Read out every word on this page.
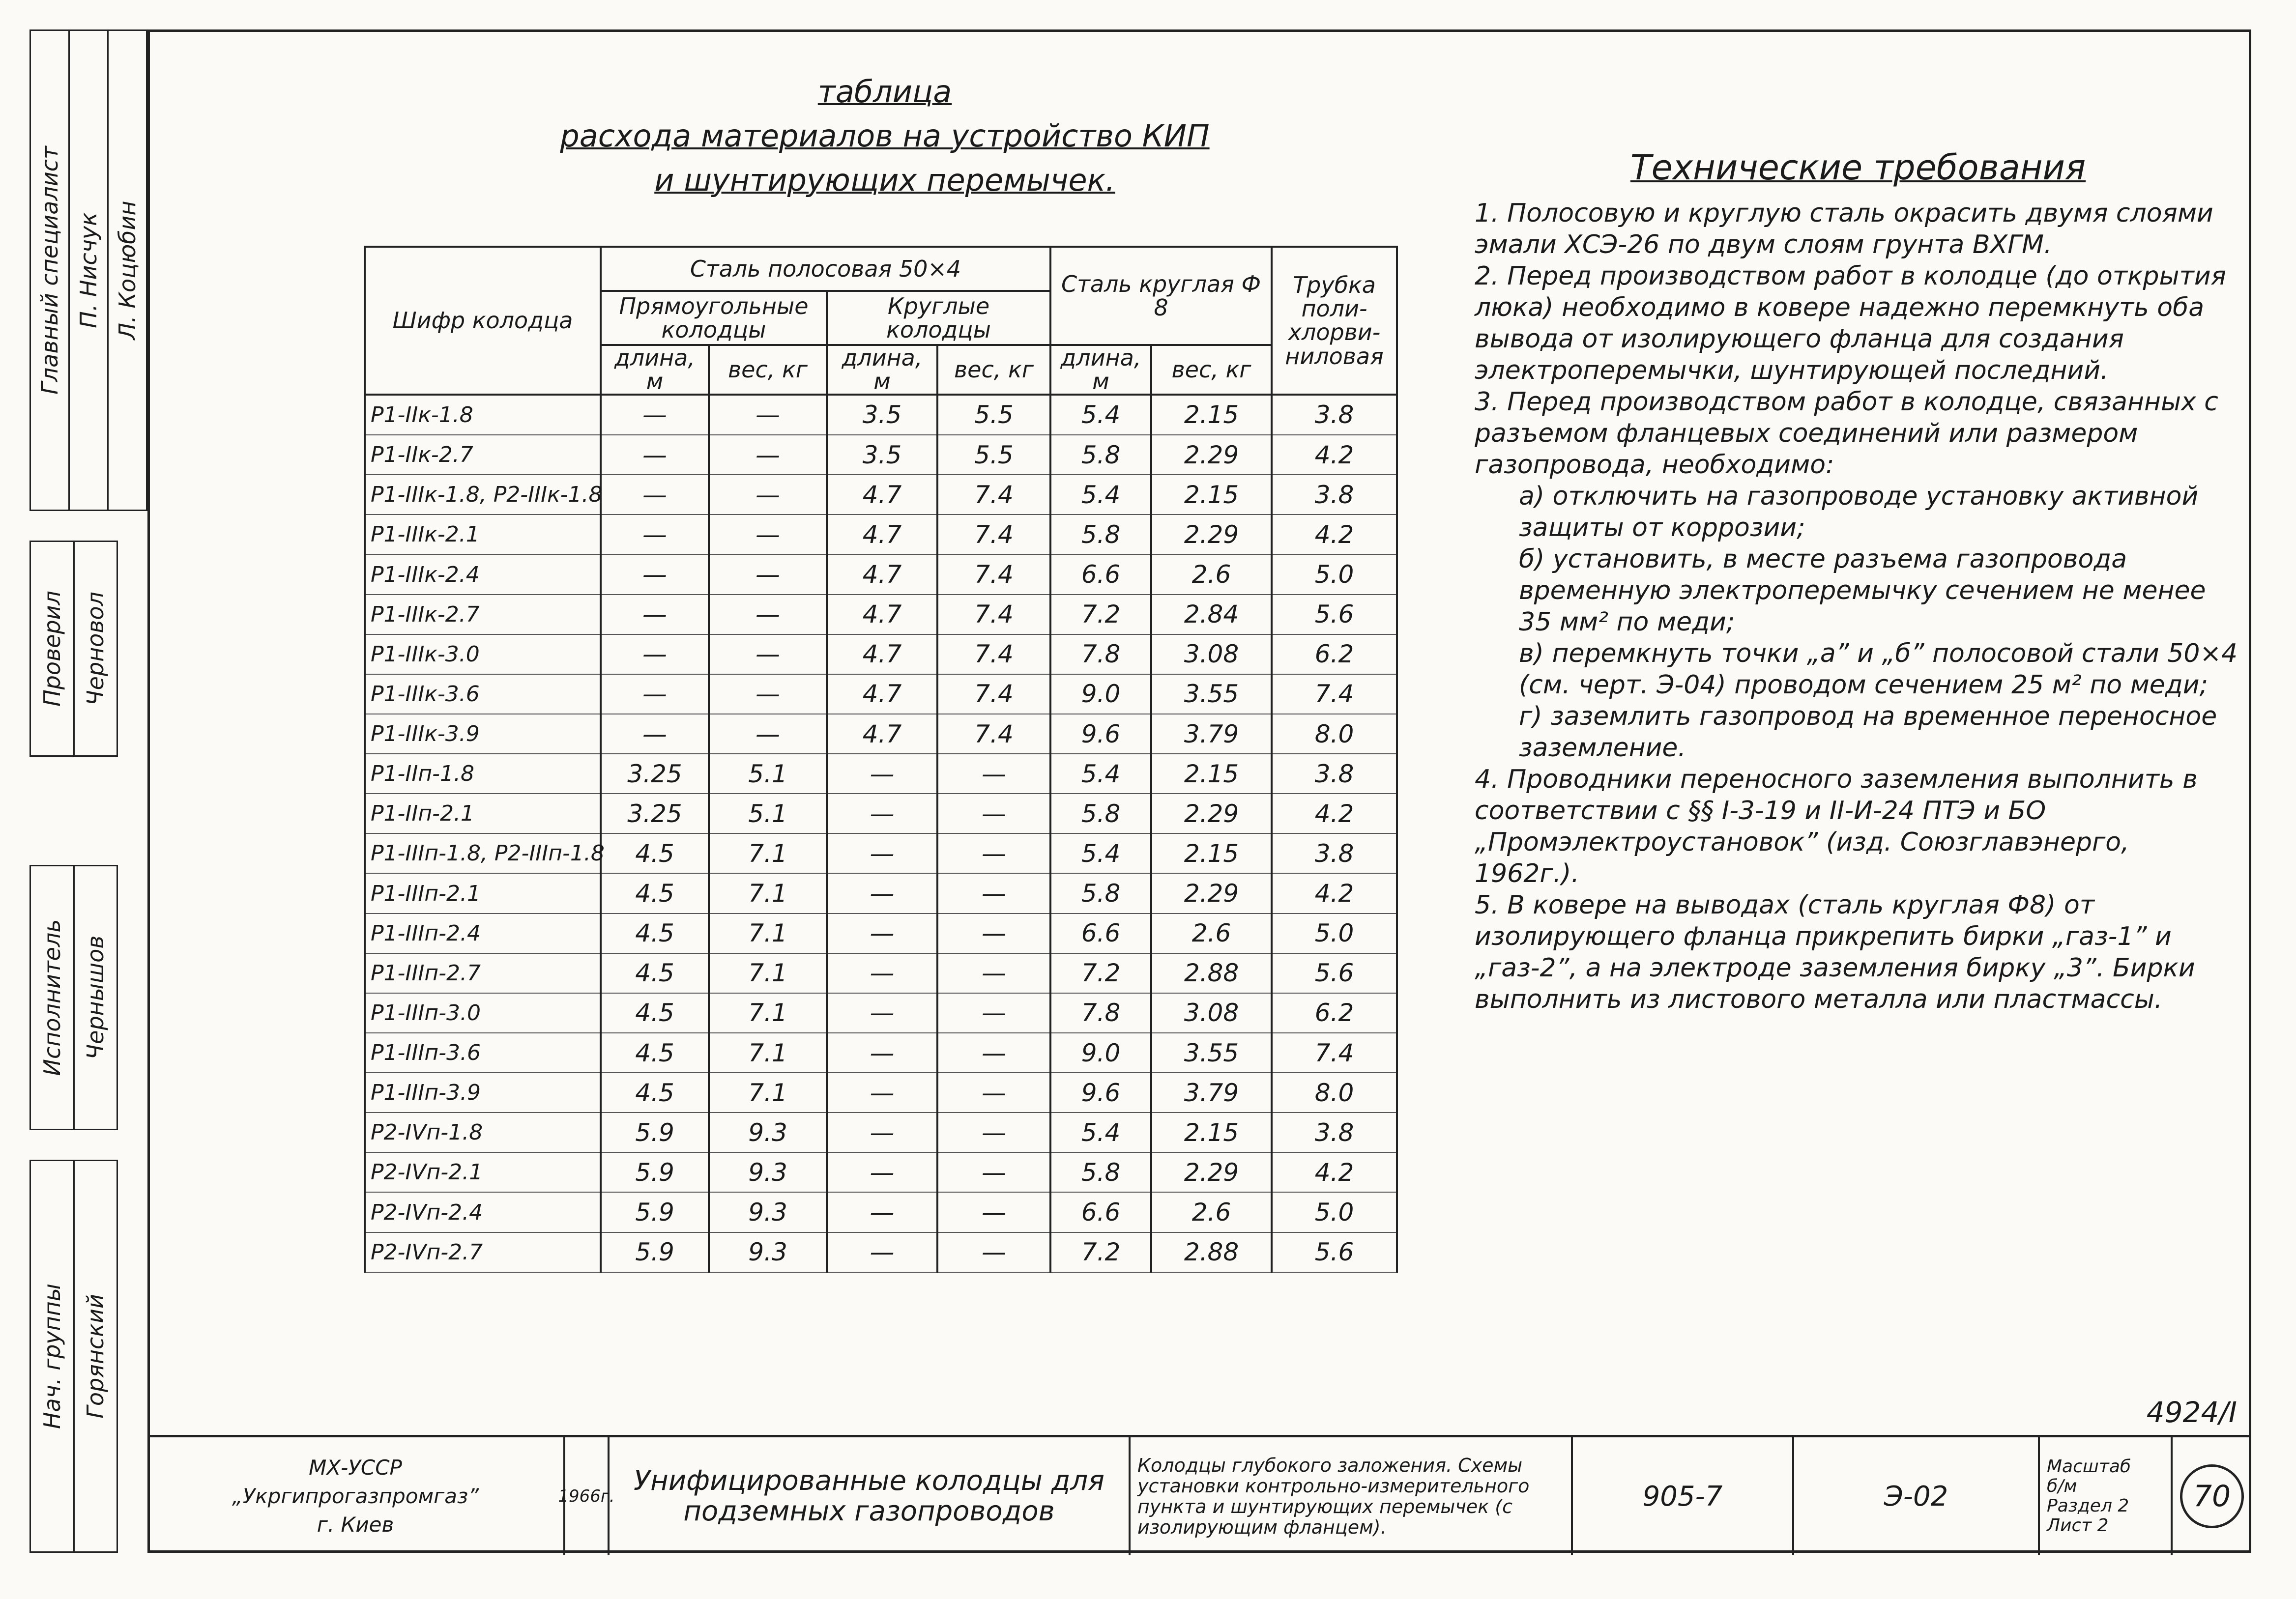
Главный специалист П. Нисчук Л. Коцюбин
Проверил Черновол
Исполнитель Чернышов
Нач. группы Горянский
таблица
расхода материалов на устройство КИП
и шунтирующих перемычек.
Шифр колодца	Сталь полосовая 50×4				Сталь круглая Ф 8		Трубка поли-хлорви-ниловая
	Прямоугольные колодцы		Круглые колодцы				
	длина, м	вес, кг	длина, м	вес, кг	длина, м	вес, кг	
Р1-IIк-1.8	—	—	3.5	5.5	5.4	2.15	3.8
Р1-IIк-2.7	—	—	3.5	5.5	5.8	2.29	4.2
Р1-IIIк-1.8, Р2-IIIк-1.8	—	—	4.7	7.4	5.4	2.15	3.8
Р1-IIIк-2.1	—	—	4.7	7.4	5.8	2.29	4.2
Р1-IIIк-2.4	—	—	4.7	7.4	6.6	2.6	5.0
Р1-IIIк-2.7	—	—	4.7	7.4	7.2	2.84	5.6
Р1-IIIк-3.0	—	—	4.7	7.4	7.8	3.08	6.2
Р1-IIIк-3.6	—	—	4.7	7.4	9.0	3.55	7.4
Р1-IIIк-3.9	—	—	4.7	7.4	9.6	3.79	8.0
Р1-IIп-1.8	3.25	5.1	—	—	5.4	2.15	3.8
Р1-IIп-2.1	3.25	5.1	—	—	5.8	2.29	4.2
Р1-IIIп-1.8, Р2-IIIп-1.8	4.5	7.1	—	—	5.4	2.15	3.8
Р1-IIIп-2.1	4.5	7.1	—	—	5.8	2.29	4.2
Р1-IIIп-2.4	4.5	7.1	—	—	6.6	2.6	5.0
Р1-IIIп-2.7	4.5	7.1	—	—	7.2	2.88	5.6
Р1-IIIп-3.0	4.5	7.1	—	—	7.8	3.08	6.2
Р1-IIIп-3.6	4.5	7.1	—	—	9.0	3.55	7.4
Р1-IIIп-3.9	4.5	7.1	—	—	9.6	3.79	8.0
Р2-IVп-1.8	5.9	9.3	—	—	5.4	2.15	3.8
Р2-IVп-2.1	5.9	9.3	—	—	5.8	2.29	4.2
Р2-IVп-2.4	5.9	9.3	—	—	6.6	2.6	5.0
Р2-IVп-2.7	5.9	9.3	—	—	7.2	2.88	5.6
Технические требования
1. Полосовую и круглую сталь окрасить двумя слоями эмали ХСЭ-26 по двум слоям грунта ВХГМ.
2. Перед производством работ в колодце (до открытия люка) необходимо в ковере надежно перемкнуть оба вывода от изолирующего фланца для создания электроперемычки, шунтирующей последний.
3. Перед производством работ в колодце, связанных с разъемом фланцевых соединений или размером газопровода, необходимо:
а) отключить на газопроводе установку активной защиты от коррозии;
б) установить, в месте разъема газопровода временную электроперемычку сечением не менее 35 мм² по меди;
в) перемкнуть точки „а” и „б” полосовой стали 50×4 (см. черт. Э-04) проводом сечением 25 м² по меди;
г) заземлить газопровод на временное переносное заземление.
4. Проводники переносного заземления выполнить в соответствии с §§ I-3-19 и II-И-24 ПТЭ и БО „Промэлектроустановок” (изд. Союзглавэнерго, 1962г.).
5. В ковере на выводах (сталь круглая Ф8) от изолирующего фланца прикрепить бирки „газ-1” и „газ-2”, а на электроде заземления бирку „3”. Бирки выполнить из листового металла или пластмассы.
4924/I
МХ-УССР
„Укргипрогазпромгаз”
г. Киев
1966г. Унифицированные колодцы для подземных газопроводов
Колодцы глубокого заложения. Схемы установки контрольно-измерительного пункта и шунтирующих перемычек (с изолирующим фланцем).
905-7	Э-02
Масштаб
б/м
Раздел 2
Лист 2
70
